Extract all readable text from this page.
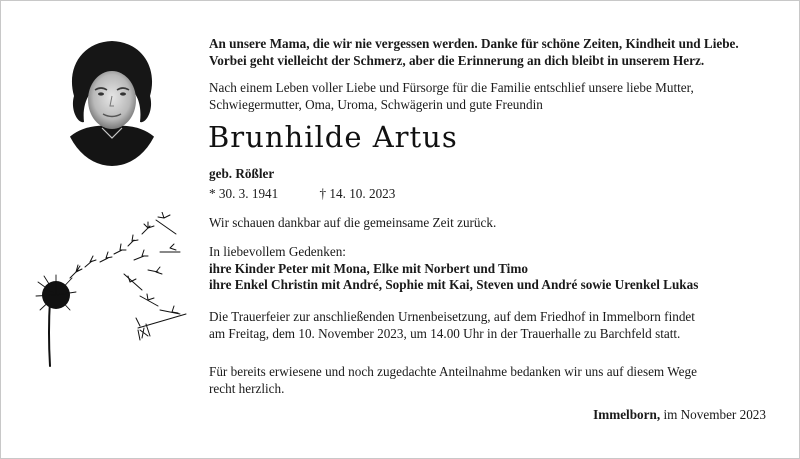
An unsere Mama, die wir nie vergessen werden. Danke für schöne Zeiten, Kindheit und Liebe.

Vorbei geht vielleicht der Schmerz, aber die Erinnerung an dich bleibt in unserem Herz.

Nach einem Leben voller Liebe und Fürsorge für die Familie entschlief unsere liebe Mutter,

Schwiegermutter, Oma, Uroma, Schwägerin und gute Freundin

Brunhilde Artus

geb. Rößler

* 30. 3. 1941	† 14. 10. 2023

Wir schauen dankbar auf die gemeinsame Zeit zurück.

In liebevollem Gedenken:

ihre Kinder Peter mit Mona, Elke mit Norbert und Timo

ihre Enkel Christin mit André, Sophie mit Kai, Steven und André sowie Urenkel Lukas

Die Trauerfeier zur anschließenden Urnenbeisetzung, auf dem Friedhof in Immelborn findet

am Freitag, dem 10. November 2023, um 14.00 Uhr in der Trauerhalle zu Barchfeld statt.

Für bereits erwiesene und noch zugedachte Anteilnahme bedanken wir uns auf diesem Wege

recht herzlich.

Immelborn, im November 2023
